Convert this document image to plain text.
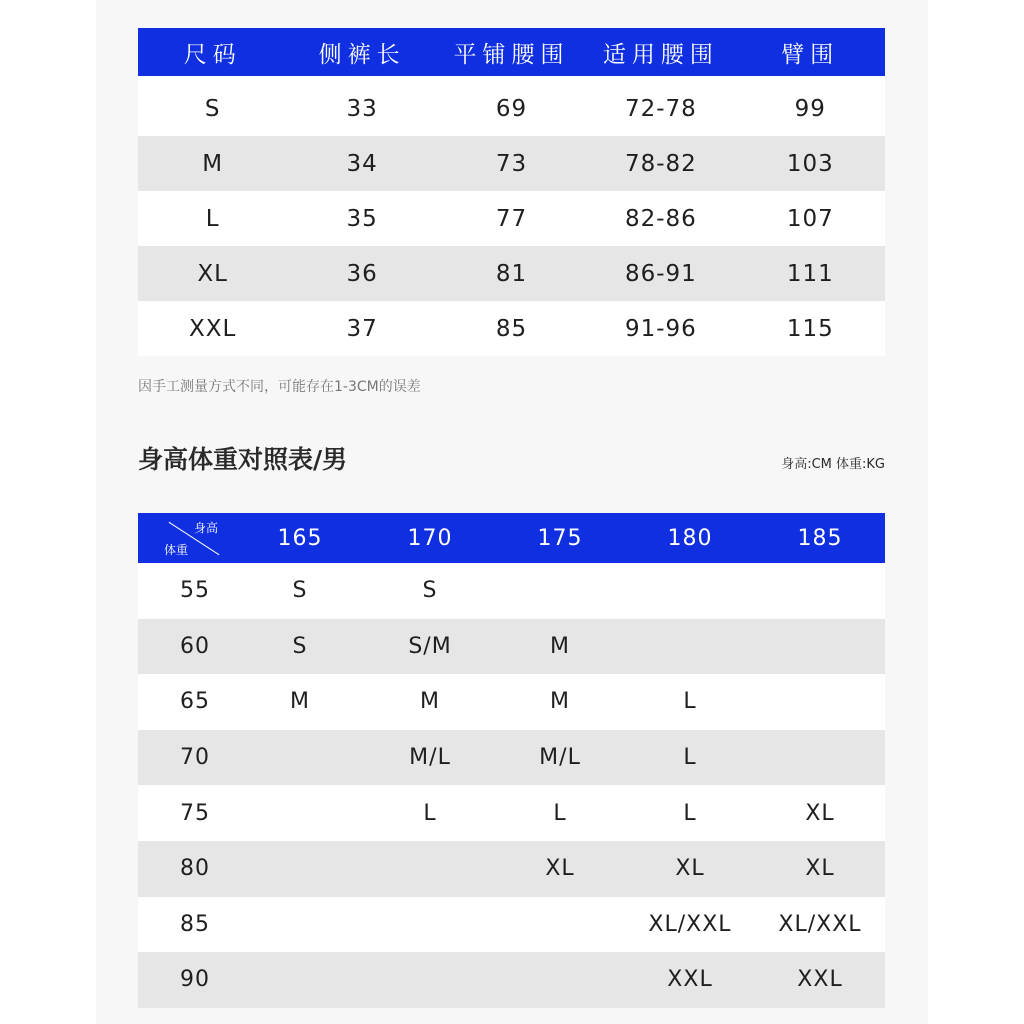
尺码	侧裤长	平铺腰围	适用腰围	臂围
S	33	69	72-78	99
M	34	73	78-82	103
L	35	77	82-86	107
XL	36	81	86-91	111
XXL	37	85	91-96	115
因手工测量方式不同，可能存在1-3CM的误差
身高体重对照表/男	身高:CM 体重:KG
身高
体重	165	170	175	180	185
55	S	S			
60	S	S/M	M		
65	M	M	M	L	
70		M/L	M/L	L	
75		L	L	L	XL
80			XL	XL	XL
85				XL/XXL	XL/XXL
90				XXL	XXL
